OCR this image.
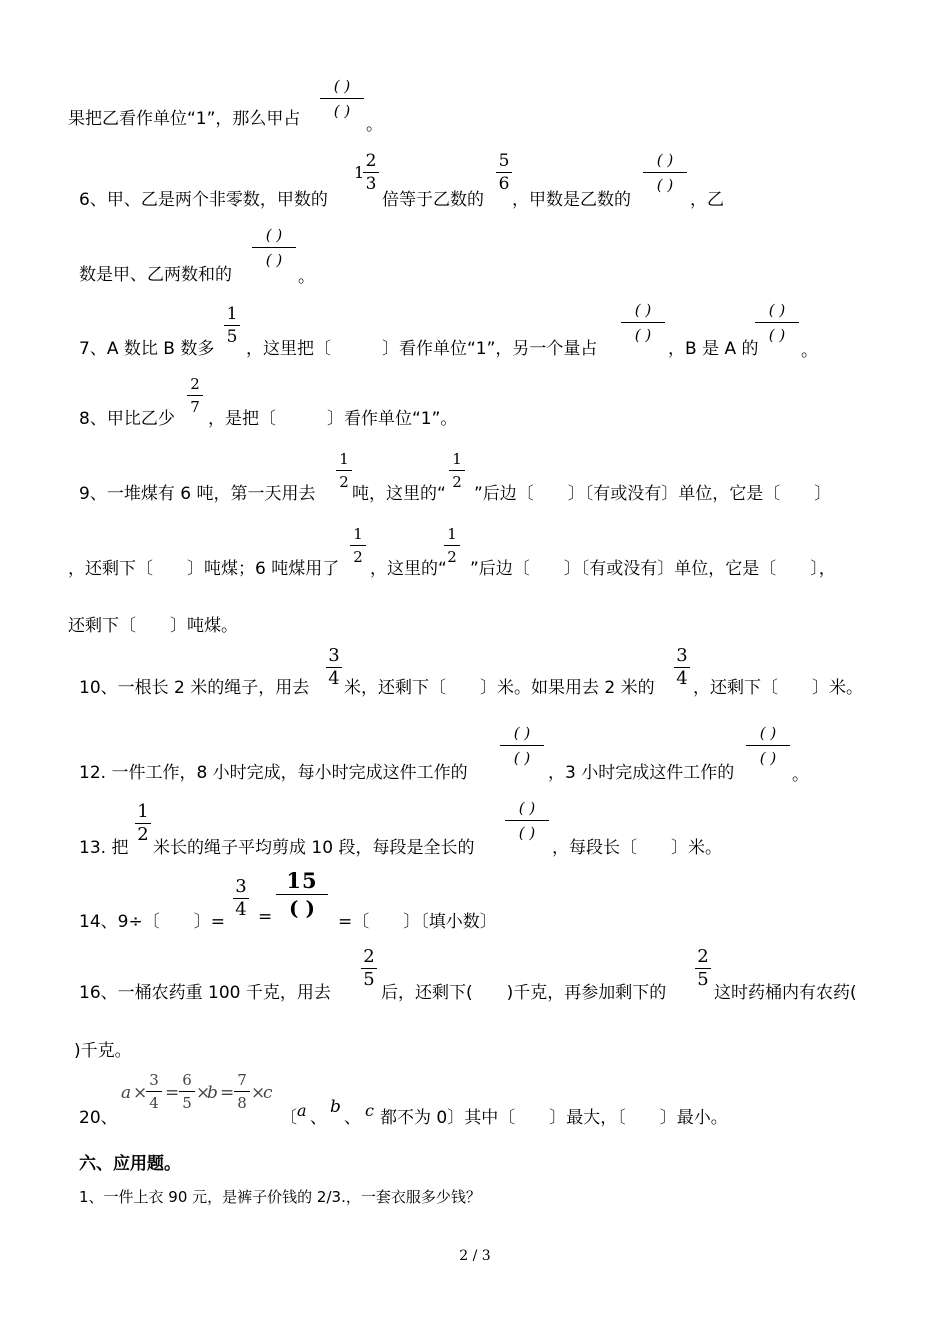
果把乙看作单位“1”，那么甲占
( )
( )
。
6、甲、乙是两个非零数，甲数的
1
2
3
倍等于乙数的
5
6
，甲数是乙数的
( )
( )
，乙
数是甲、乙两数和的
( )
( )
。
7、A 数比 B 数多
1
5
，这里把〔　　　〕看作单位“1”，另一个量占
( )
( )
，B 是 A 的
( )
( )
。
8、甲比乙少
2
7
，是把〔　　　〕看作单位“1”。
9、一堆煤有 6 吨，第一天用去
1
2
吨，这里的“
1
2
”后边〔　　〕〔有或没有〕单位，它是〔　　〕
，还剩下〔　　〕吨煤；6 吨煤用了
1
2
，这里的“
1
2
”后边〔　　〕〔有或没有〕单位，它是〔　　〕，
还剩下〔　　〕吨煤。
10、一根长 2 米的绳子，用去
3
4 米，还剩下〔　　〕米。如果用去 2 米的
3
4 ，还剩下〔　　〕米。
12. 一件工作，8 小时完成，每小时完成这件工作的
( )
( )
，3 小时完成这件工作的
( )
( )
。
13. 把
1
2
米长的绳子平均剪成 10 段，每段是全长的
( )
( )
，每段长〔　　〕米。
14、9÷〔　　〕=
3
4 =
15
( )
=〔　　〕〔填小数〕
16、一桶农药重 100 千克，用去
2
5
后，还剩下(　　)千克，再参加剩下的
2
5
这时药桶内有农药(
)千克。
20、
a ×
3
4 =
6
5 ×
b =
7
8 ×
c
〔 a 、
b
、 c 都不为 0〕其中〔　　〕最大，〔　　〕最小。
六、应用题。
1、一件上衣 90 元，是裤子价钱的 2/3.，一套衣服多少钱？
2 / 3
